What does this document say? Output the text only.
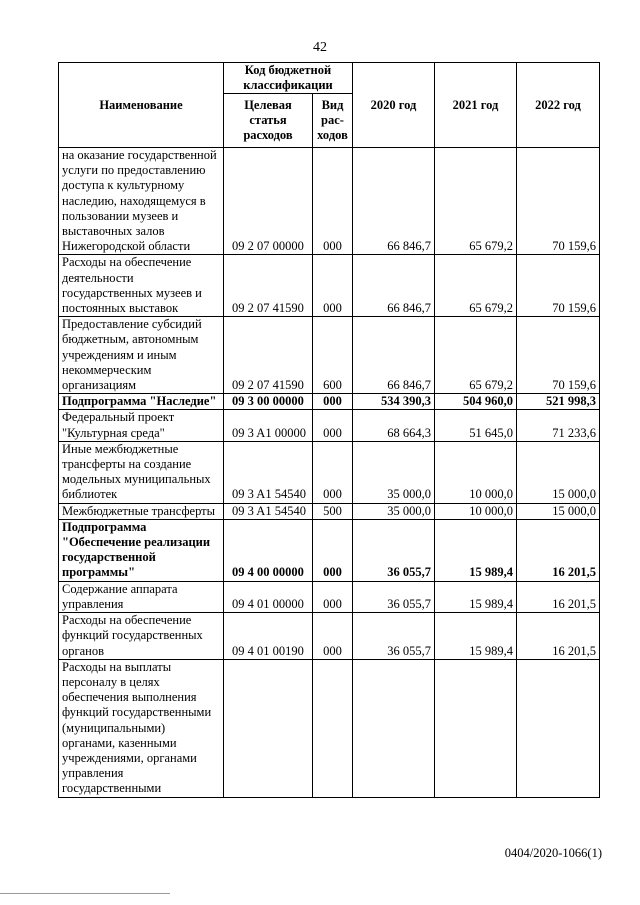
42
Наименование	Код бюджетной классификации		2020 год	2021 год	2022 год
	Целевая статья расходов	Вид рас- ходов			
на оказание государственной услуги по предоставлению доступа к культурному наследию, находящемуся в пользовании музеев и выставочных залов Нижегородской области	09 2 07 00000	000	66 846,7	65 679,2	70 159,6
Расходы на обеспечение деятельности государственных музеев и постоянных выставок	09 2 07 41590	000	66 846,7	65 679,2	70 159,6
Предоставление субсидий бюджетным, автономным учреждениям и иным некоммерческим организациям	09 2 07 41590	600	66 846,7	65 679,2	70 159,6
Подпрограмма "Наследие"	09 3 00 00000	000	534 390,3	504 960,0	521 998,3
Федеральный проект "Культурная среда"	09 3 A1 00000	000	68 664,3	51 645,0	71 233,6
Иные межбюджетные трансферты на создание модельных муниципальных библиотек	09 3 A1 54540	000	35 000,0	10 000,0	15 000,0
Межбюджетные трансферты	09 3 A1 54540	500	35 000,0	10 000,0	15 000,0
Подпрограмма "Обеспечение реализации государственной программы"	09 4 00 00000	000	36 055,7	15 989,4	16 201,5
Содержание аппарата управления	09 4 01 00000	000	36 055,7	15 989,4	16 201,5
Расходы на обеспечение функций государственных органов	09 4 01 00190	000	36 055,7	15 989,4	16 201,5
Расходы на выплаты персоналу в целях обеспечения выполнения функций государственными (муниципальными) органами, казенными учреждениями, органами управления государственными					
0404/2020-1066(1)
